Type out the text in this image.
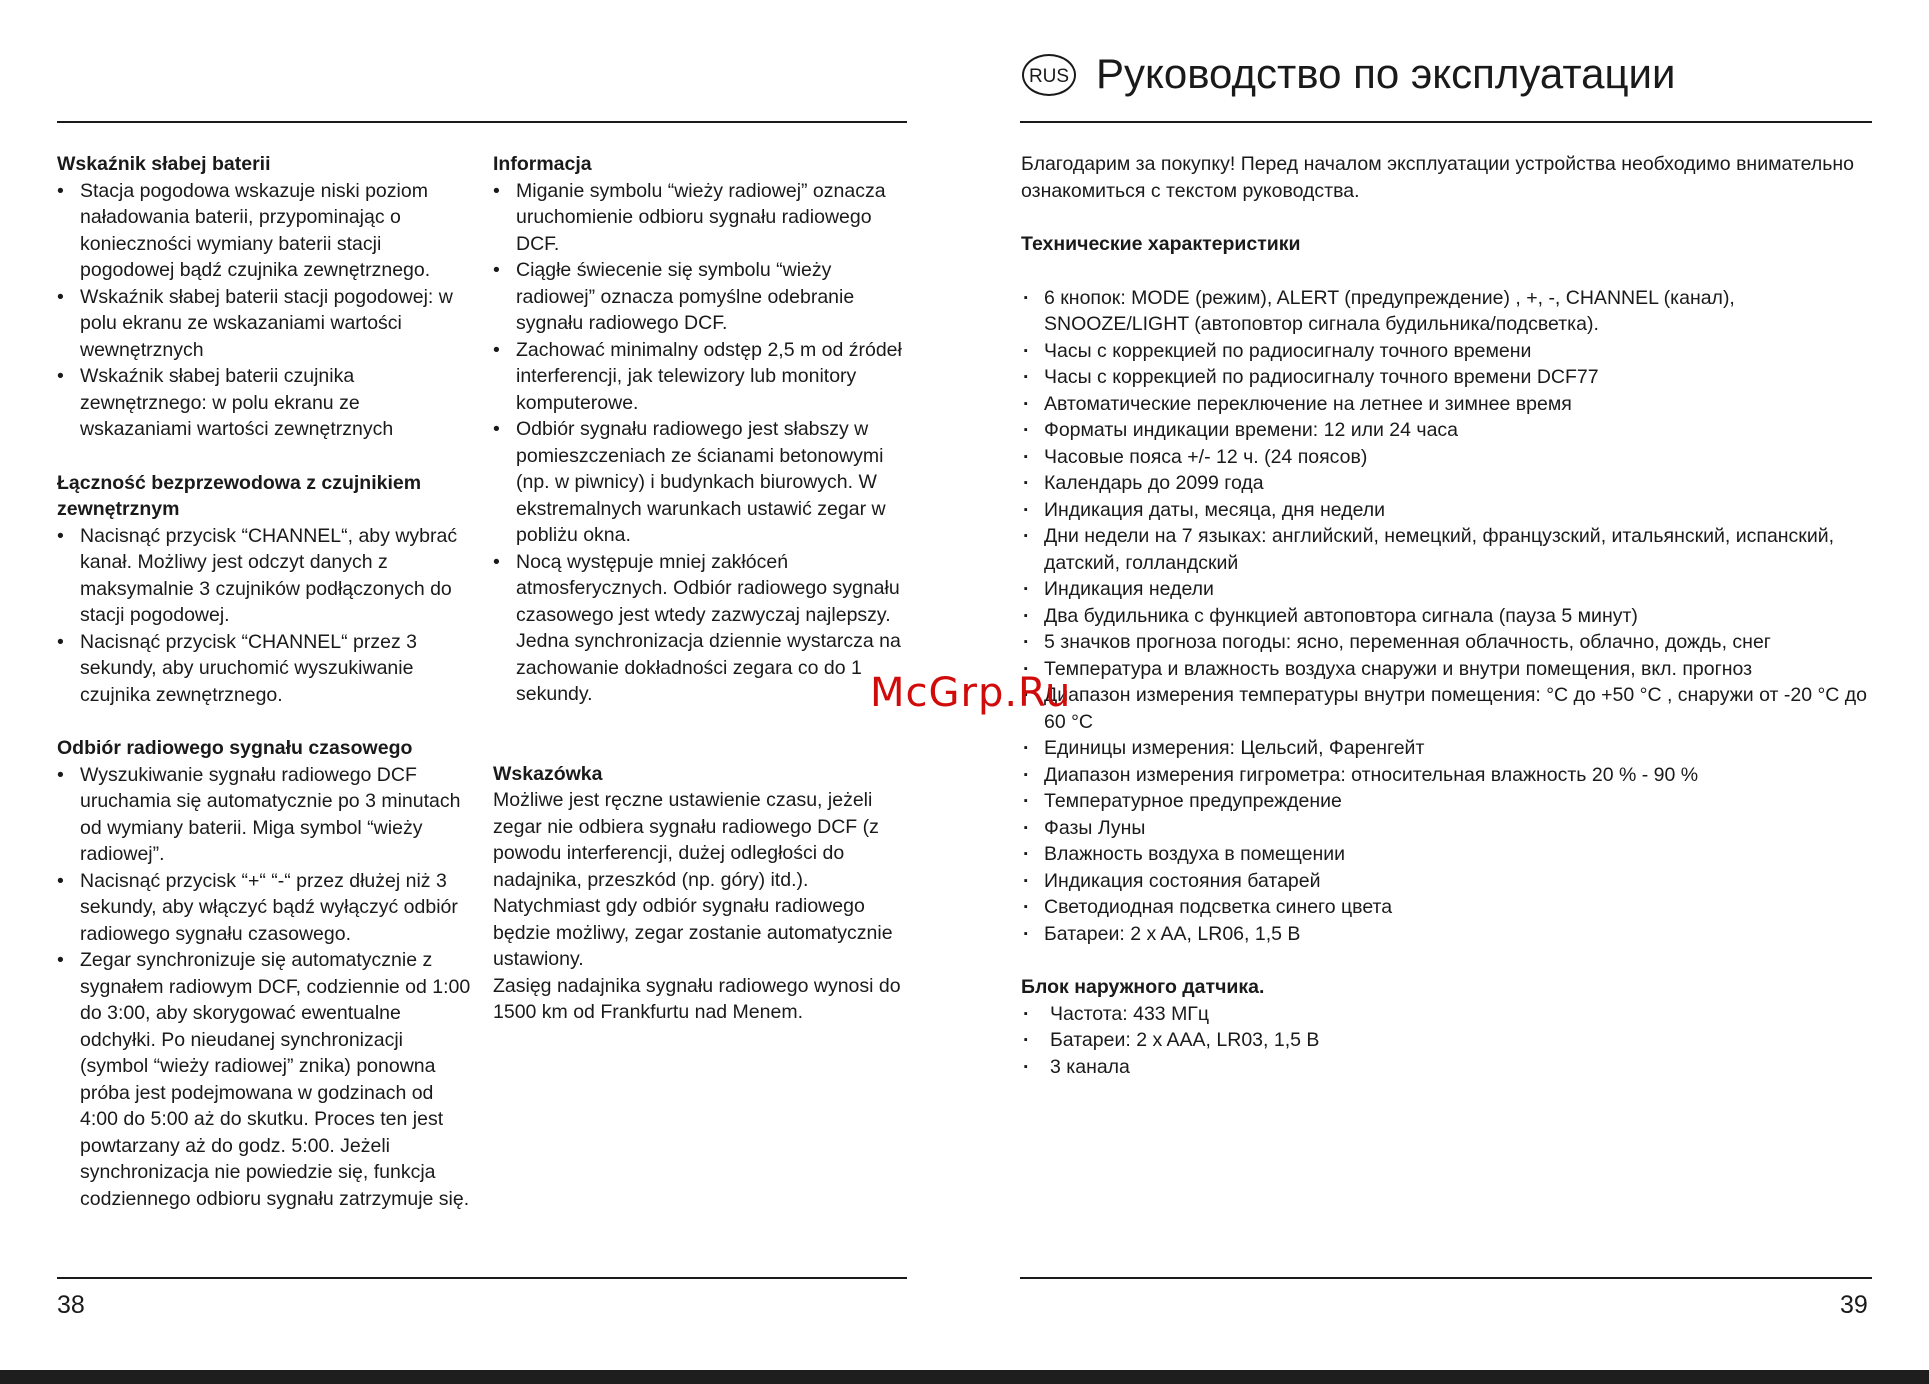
RUS Руководство по эксплуатации
Wskaźnik słabej baterii
• Stacja pogodowa wskazuje niski poziom naładowania baterii, przypominając o konieczności wymiany baterii stacji pogodowej bądź czujnika zewnętrznego.
• Wskaźnik słabej baterii stacji pogodowej: w polu ekranu ze wskazaniami wartości wewnętrznych
• Wskaźnik słabej baterii czujnika zewnętrznego: w polu ekranu ze wskazaniami wartości zewnętrznych
Łączność bezprzewodowa z czujnikiem zewnętrznym
• Nacisnąć przycisk “CHANNEL“, aby wybrać kanał. Możliwy jest odczyt danych z maksymalnie 3 czujników podłączonych do stacji pogodowej.
• Nacisnąć przycisk “CHANNEL“ przez 3 sekundy, aby uruchomić wyszukiwanie czujnika zewnętrznego.
Odbiór radiowego sygnału czasowego
• Wyszukiwanie sygnału radiowego DCF uruchamia się automatycznie po 3 minutach od wymiany baterii. Miga symbol “wieży radiowej”.
• Nacisnąć przycisk “+“ “-“ przez dłużej niż 3 sekundy, aby włączyć bądź wyłączyć odbiór radiowego sygnału czasowego.
• Zegar synchronizuje się automatycznie z sygnałem radiowym DCF, codziennie od 1:00 do 3:00, aby skorygować ewentualne odchyłki. Po nieudanej synchronizacji (symbol “wieży radiowej” znika) ponowna próba jest podejmowana w godzinach od 4:00 do 5:00 aż do skutku. Proces ten jest powtarzany aż do godz. 5:00. Jeżeli synchronizacja nie powiedzie się, funkcja codziennego odbioru sygnału zatrzymuje się.
Informacja
• Miganie symbolu “wieży radiowej” oznacza uruchomienie odbioru sygnału radiowego DCF.
• Ciągłe świecenie się symbolu “wieży radiowej” oznacza pomyślne odebranie sygnału radiowego DCF.
• Zachować minimalny odstęp 2,5 m od źródeł interferencji, jak telewizory lub monitory komputerowe.
• Odbiór sygnału radiowego jest słabszy w pomieszczeniach ze ścianami betonowymi (np. w piwnicy) i budynkach biurowych. W ekstremalnych warunkach ustawić zegar w pobliżu okna.
• Nocą występuje mniej zakłóceń atmosferycznych. Odbiór radiowego sygnału czasowego jest wtedy zazwyczaj najlepszy. Jedna synchronizacja dziennie wystarcza na zachowanie dokładności zegara co do 1 sekundy.
Wskazówka

Możliwe jest ręczne ustawienie czasu, jeżeli zegar nie odbiera sygnału radiowego DCF (z powodu interferencji, dużej odległości do nadajnika, przeszkód (np. góry) itd.). Natychmiast gdy odbiór sygnału radiowego będzie możliwy, zegar zostanie automatycznie ustawiony.

Zasięg nadajnika sygnału radiowego wynosi do 1500 km od Frankfurtu nad Menem.

Благодарим за покупку! Перед началом эксплуатации устройства необходимо внимательно ознакомиться с текстом руководства.

Технические характеристики
· 6 кнопок: MODE (режим), ALERT (предупреждение) , +, -, CHANNEL (канал), SNOOZE/LIGHT (автоповтор сигнала будильника/подсветка).
· Часы с коррекцией по радиосигналу точного времени
· Часы с коррекцией по радиосигналу точного времени DCF77
· Автоматические переключение на летнее и зимнее время
· Форматы индикации времени: 12 или 24 часа
· Часовые пояса +/- 12 ч. (24 поясов)
· Календарь до 2099 года
· Индикация даты, месяца, дня недели
· Дни недели на 7 языках: английский, немецкий, французский, итальянский, испанский, датский, голландский
· Индикация недели
· Два будильника с функцией автоповтора сигнала (пауза 5 минут)
· 5 значков прогноза погоды: ясно, переменная облачность, облачно, дождь, снег
· Температура и влажность воздуха снаружи и внутри помещения, вкл. прогноз
· Диапазон измерения температуры внутри помещения: °C до +50 °C , снаружи от -20 °C до 60 °C
· Единицы измерения: Цельсий, Фаренгейт
· Диапазон измерения гигрометра: относительная влажность 20 % - 90 %
· Температурное предупреждение
· Фазы Луны
· Влажность воздуха в помещении
· Индикация состояния батарей
· Светодиодная подсветка синего цвета
· Батареи: 2 x AA, LR06, 1,5 В
Блок наружного датчика.
· Частота: 433 МГц
· Батареи: 2 x AAA, LR03, 1,5 В
· 3 канала
McGrp.Ru
38	39
